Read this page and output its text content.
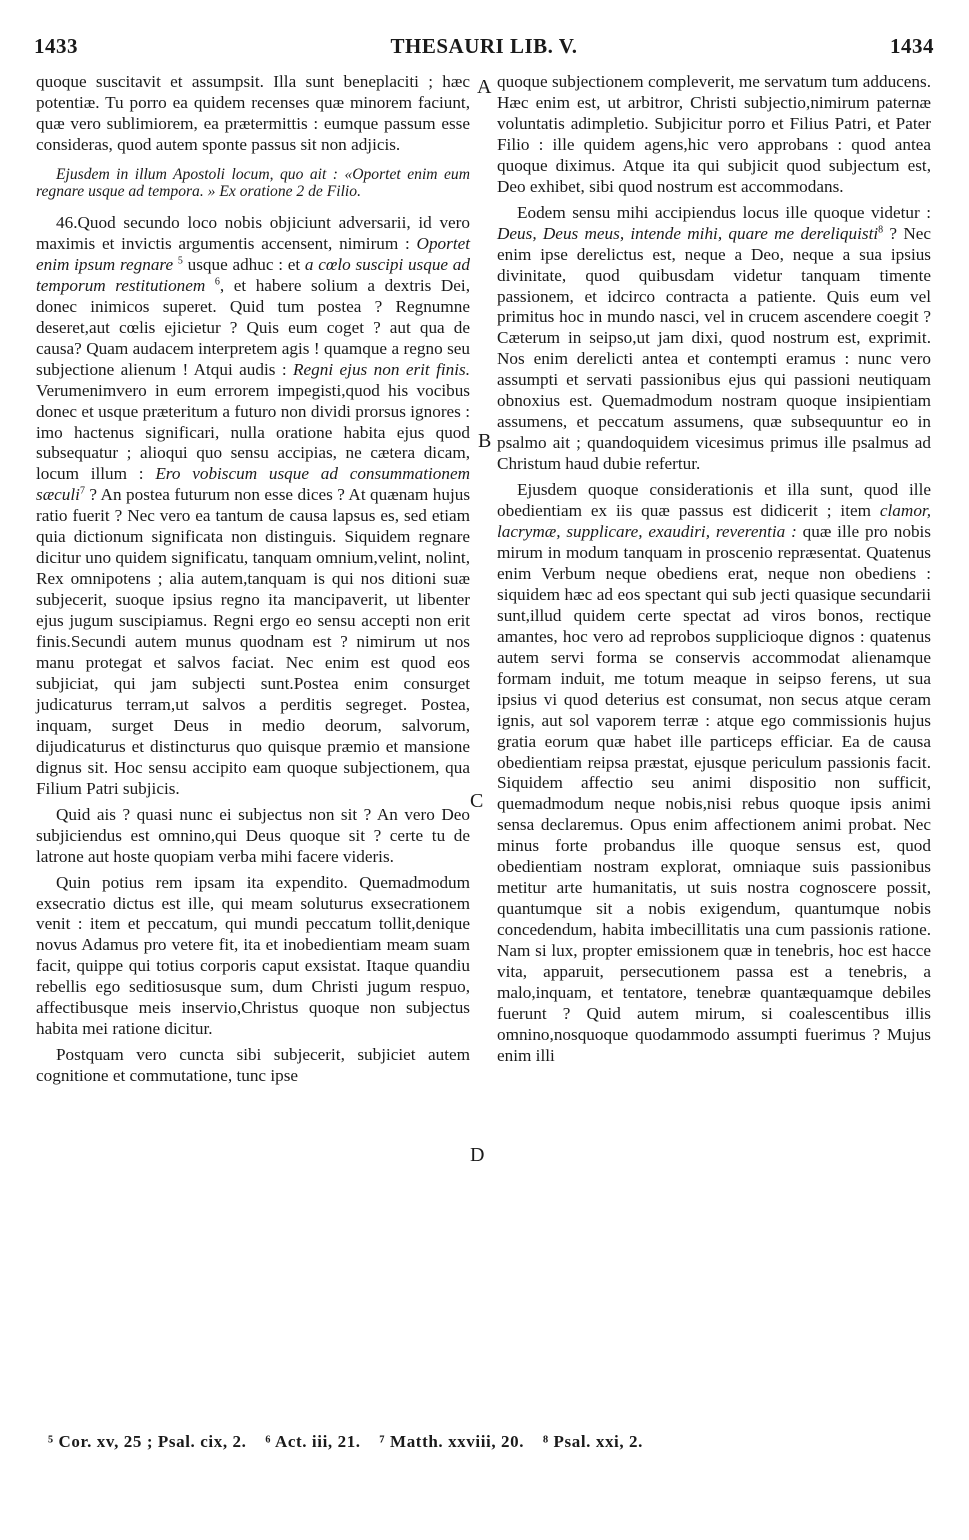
1433	THESAURI LIB. V.	1434
A
B
C
D

quoque suscitavit et assumpsit. Illa sunt beneplaciti ; hæc potentiæ. Tu porro ea quidem recenses quæ minorem faciunt, quæ vero sublimiorem, ea prætermittis : eumque passum esse consideras, quod autem sponte passus sit non adjicis.

Ejusdem in illum Apostoli locum, quo ait : «Oportet enim eum regnare usque ad tempora. » Ex oratione 2 de Filio.

46.Quod secundo loco nobis objiciunt adversarii, id vero maximis et invictis argumentis accensent, nimirum : Oportet enim ipsum regnare $^5$ usque adhuc : et a cœlo suscipi usque ad temporum restitutionem $^6$, et habere solium a dextris Dei, donec inimicos superet. Quid tum postea ? Regnumne deseret,aut cœlis ejicietur ? Quis eum coget ? aut qua de causa? Quam audacem interpretem agis ! quamque a regno seu subjectione alienum ! Atqui audis : Regni ejus non erit finis. Verumenimvero in eum errorem impegisti,quod his vocibus donec et usque præteritum a futuro non dividi prorsus ignores : imo hactenus significari, nulla oratione habita ejus quod subsequatur ; alioqui quo sensu accipias, ne cætera dicam, locum illum : Ero vobiscum usque ad consummationem sæculi$^7$ ? An postea futurum non esse dices ? At quænam hujus ratio fuerit ? Nec vero ea tantum de causa lapsus es, sed etiam quia dictionum significata non distinguis. Siquidem regnare dicitur uno quidem significatu, tanquam omnium,velint, nolint, Rex omnipotens ; alia autem,tanquam is qui nos ditioni suæ subjecerit, suoque ipsius regno ita mancipaverit, ut libenter ejus jugum suscipiamus. Regni ergo eo sensu accepti non erit finis.Secundi autem munus quodnam est ? nimirum ut nos manu protegat et salvos faciat. Nec enim est quod eos subjiciat, qui jam subjecti sunt.Postea enim consurget judicaturus terram,ut salvos a perditis segreget. Postea, inquam, surget Deus in medio deorum, salvorum, dijudicaturus et distincturus quo quisque præmio et mansione dignus sit. Hoc sensu accipito eam quoque subjectionem, qua Filium Patri subjicis.

Quid ais ? quasi nunc ei subjectus non sit ? An vero Deo subjiciendus est omnino,qui Deus quoque sit ? certe tu de latrone aut hoste quopiam verba mihi facere videris.

Quin potius rem ipsam ita expendito. Quemadmodum exsecratio dictus est ille, qui meam soluturus exsecrationem venit : item et peccatum, qui mundi peccatum tollit,denique novus Adamus pro vetere fit, ita et inobedientiam meam suam facit, quippe qui totius corporis caput exsistat. Itaque quandiu rebellis ego seditiosusque sum, dum Christi jugum respuo, affectibusque meis inservio,Christus quoque non subjectus habita mei ratione dicitur.

Postquam vero cuncta sibi subjecerit, subjiciet autem cognitione et commutatione, tunc ipse

quoque subjectionem compleverit, me servatum tum adducens. Hæc enim est, ut arbitror, Christi subjectio,nimirum paternæ voluntatis adimpletio. Subjicitur porro et Filius Patri, et Pater Filio : ille quidem agens,hic vero approbans : quod antea quoque diximus. Atque ita qui subjicit quod subjectum est, Deo exhibet, sibi quod nostrum est accommodans.

Eodem sensu mihi accipiendus locus ille quoque videtur : Deus, Deus meus, intende mihi, quare me dereliquisti$^8$ ? Nec enim ipse derelictus est, neque a Deo, neque a sua ipsius divinitate, quod quibusdam videtur tanquam timente passionem, et idcirco contracta a patiente. Quis eum vel primitus hoc in mundo nasci, vel in crucem ascendere coegit ? Cæterum in seipso,ut jam dixi, quod nostrum est, exprimit. Nos enim derelicti antea et contempti eramus : nunc vero assumpti et servati passionibus ejus qui passioni neutiquam obnoxius est. Quemadmodum nostram quoque insipientiam assumens, et peccatum assumens, quæ subsequuntur eo in psalmo ait ; quandoquidem vicesimus primus ille psalmus ad Christum haud dubie refertur.

Ejusdem quoque considerationis et illa sunt, quod ille obedientiam ex iis quæ passus est didicerit ; item clamor, lacrymæ, supplicare, exaudiri, reverentia : quæ ille pro nobis mirum in modum tanquam in proscenio repræsentat. Quatenus enim Verbum neque obediens erat, neque non obediens : siquidem hæc ad eos spectant qui sub jecti quasique secundarii sunt,illud quidem certe spectat ad viros bonos, rectique amantes, hoc vero ad reprobos supplicioque dignos : quatenus autem servi forma se conservis accommodat alienamque formam induit, me totum meaque in seipso ferens, ut sua ipsius vi quod deterius est consumat, non secus atque ceram ignis, aut sol vaporem terræ : atque ego commissionis hujus gratia eorum quæ habet ille particeps efficiar. Ea de causa obedientiam reipsa præstat, ejusque periculum passionis facit. Siquidem affectio seu animi dispositio non sufficit, quemadmodum neque nobis,nisi rebus quoque ipsis animi sensa declaremus. Opus enim affectionem animi probat. Nec minus forte probandus ille quoque sensus est, quod obedientiam nostram explorat, omniaque suis passionibus metitur arte humanitatis, ut suis nostra cognoscere possit, quantumque sit a nobis exigendum, quantumque nobis concedendum, habita imbecillitatis una cum passionis ratione. Nam si lux, propter emissionem quæ in tenebris, hoc est hacce vita, apparuit, persecutionem passa est a tenebris, a malo,inquam, et tentatore, tenebræ quantæquamque debiles fuerunt ? Quid autem mirum, si coalescentibus illis omnino,nosquoque quodammodo assumpti fuerimus ? Mujus enim illi

⁵ Cor. xv, 25 ; Psal. cix, 2. ⁶ Act. iii, 21. ⁷ Matth. xxviii, 20. ⁸ Psal. xxi, 2.
